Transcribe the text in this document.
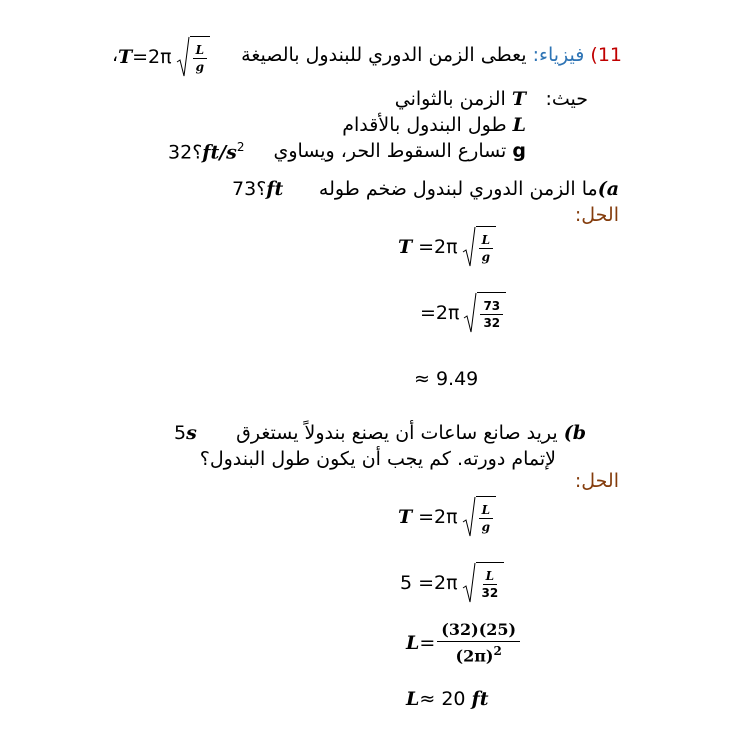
11) فيزياء: يعطى الزمن الدوري للبندول بالصيغة
$T =2\pi \frac{L}{g}$
،
حيث:
T الزمن بالثواني
L طول البندول بالأقدام
g تسارع السقوط الحر، ويساوي
؟32 $ft/s^2$
a)ما الزمن الدوري لبندول ضخم طوله
؟73 ft
الحل:
$T =2\pi \frac{L}{g}$
$=2\pi \frac{73}{32}$
≈ 9.49
b) يريد صانع ساعات أن يصنع بندولاً يستغرق
5s
لإتمام دورته. كم يجب أن يكون طول البندول؟
الحل:
$T =2\pi \frac{L}{g}$
$5 =2\pi \frac{L}{32}$
$L = \frac{(32)(25)}{(2\pi)^2}$
L≈ 20 ft
